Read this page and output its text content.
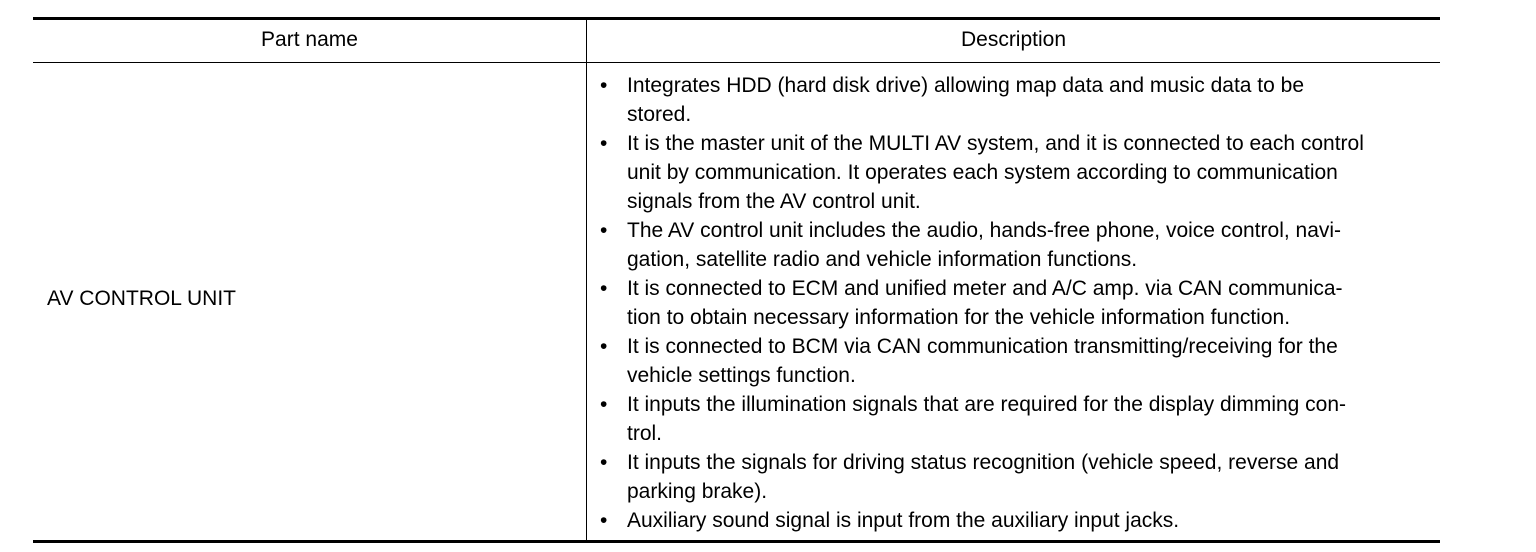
Part name	Description
AV CONTROL UNIT
• Integrates HDD (hard disk drive) allowing map data and music data to be
stored.
• It is the master unit of the MULTI AV system, and it is connected to each control
unit by communication. It operates each system according to communication
signals from the AV control unit.
• The AV control unit includes the audio, hands-free phone, voice control, navi-
gation, satellite radio and vehicle information functions.
• It is connected to ECM and unified meter and A/C amp. via CAN communica-
tion to obtain necessary information for the vehicle information function.
• It is connected to BCM via CAN communication transmitting/receiving for the
vehicle settings function.
• It inputs the illumination signals that are required for the display dimming con-
trol.
• It inputs the signals for driving status recognition (vehicle speed, reverse and
parking brake).
• Auxiliary sound signal is input from the auxiliary input jacks.
